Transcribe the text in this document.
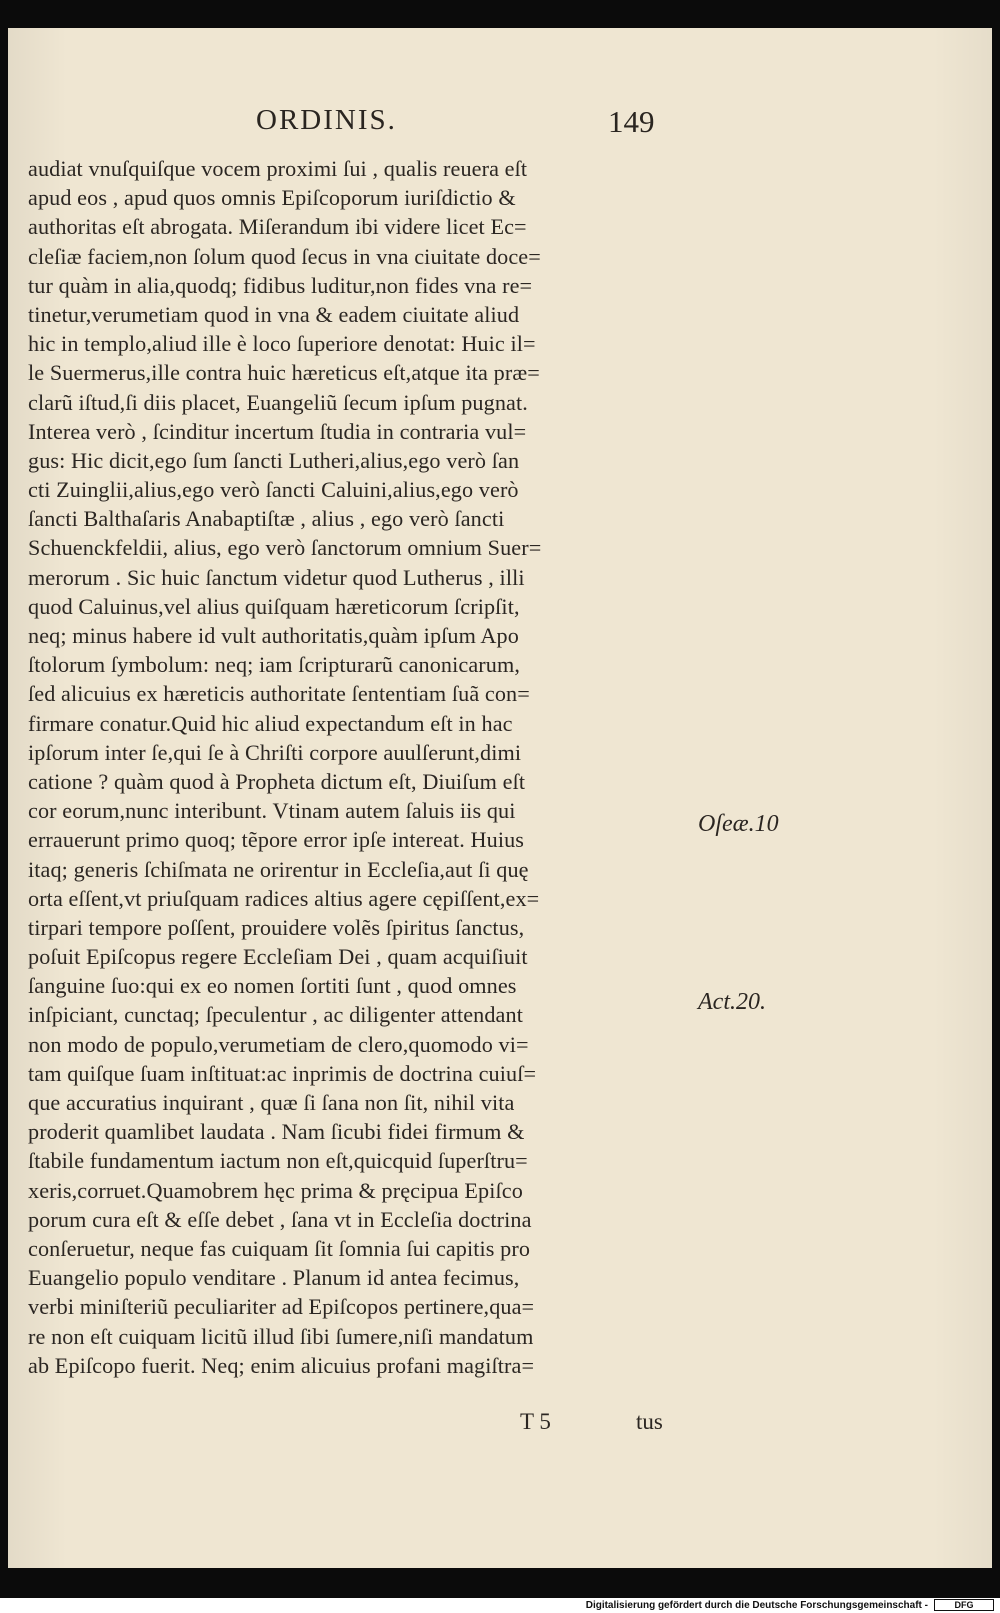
ORDINIS.	149
audiat vnuſquiſque vocem proximi ſui , qualis reuera eſt
apud eos , apud quos omnis Epiſcoporum iuriſdictio &
authoritas eſt abrogata. Miſerandum ibi videre licet Ec=
cleſiæ faciem,non ſolum quod ſecus in vna ciuitate doce=
tur quàm in alia,quodq; fidibus luditur,non fides vna re=
tinetur,verumetiam quod in vna & eadem ciuitate aliud
hic in templo,aliud ille è loco ſuperiore denotat: Huic il=
le Suermerus,ille contra huic hæreticus eſt,atque ita præ=
clarũ iſtud,ſi diis placet, Euangeliũ ſecum ipſum pugnat.
Interea verò , ſcinditur incertum ſtudia in contraria vul=
gus: Hic dicit,ego ſum ſancti Lutheri,alius,ego verò ſan
cti Zuinglii,alius,ego verò ſancti Caluini,alius,ego verò
ſancti Balthaſaris Anabaptiſtæ , alius , ego verò ſancti
Schuenckfeldii, alius, ego verò ſanctorum omnium Suer=
merorum . Sic huic ſanctum videtur quod Lutherus , illi
quod Caluinus,vel alius quiſquam hæreticorum ſcripſit,
neq; minus habere id vult authoritatis,quàm ipſum Apo
ſtolorum ſymbolum: neq; iam ſcripturarũ canonicarum,
ſed alicuius ex hæreticis authoritate ſententiam ſuã con=
firmare conatur.Quid hic aliud expectandum eſt in hac
ipſorum inter ſe,qui ſe à Chriſti corpore auulſerunt,dimi
catione ? quàm quod à Propheta dictum eſt, Diuiſum eſt
cor eorum,nunc interibunt. Vtinam autem ſaluis iis qui
errauerunt primo quoq; tẽpore error ipſe intereat. Huius
itaq; generis ſchiſmata ne orirentur in Eccleſia,aut ſi quę
orta eſſent,vt priuſquam radices altius agere cępiſſent,ex=
tirpari tempore poſſent, prouidere volẽs ſpiritus ſanctus,
poſuit Epiſcopus regere Eccleſiam Dei , quam acquiſiuit
ſanguine ſuo:qui ex eo nomen ſortiti ſunt , quod omnes
inſpiciant, cunctaq; ſpeculentur , ac diligenter attendant
non modo de populo,verumetiam de clero,quomodo vi=
tam quiſque ſuam inſtituat:ac inprimis de doctrina cuiuſ=
que accuratius inquirant , quæ ſi ſana non ſit, nihil vita
proderit quamlibet laudata . Nam ſicubi fidei firmum &
ſtabile fundamentum iactum non eſt,quicquid ſuperſtru=
xeris,corruet.Quamobrem hęc prima & pręcipua Epiſco
porum cura eſt & eſſe debet , ſana vt in Eccleſia doctrina
conſeruetur, neque fas cuiquam ſit ſomnia ſui capitis pro
Euangelio populo venditare . Planum id antea fecimus,
verbi miniſteriũ peculiariter ad Epiſcopos pertinere,qua=
re non eſt cuiquam licitũ illud ſibi ſumere,niſi mandatum
ab Epiſcopo fuerit. Neq; enim alicuius profani magiſtra=
Oſeæ.10
Act.20.
T 5	tus
Digitalisierung gefördert durch die Deutsche Forschungsgemeinschaft -	DFG
